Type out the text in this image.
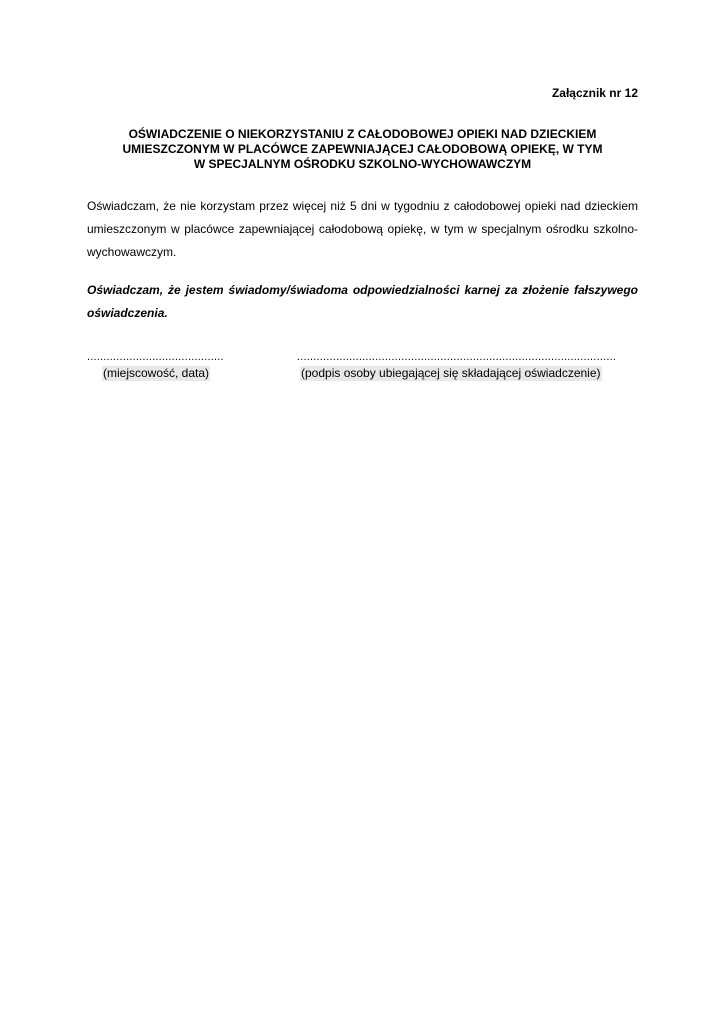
Załącznik nr 12
OŚWIADCZENIE O NIEKORZYSTANIU Z CAŁODOBOWEJ OPIEKI NAD DZIECKIEM
UMIESZCZONYM W PLACÓWCE ZAPEWNIAJĄCEJ CAŁODOBOWĄ OPIEKĘ, W TYM
W SPECJALNYM OŚRODKU SZKOLNO-WYCHOWAWCZYM
Oświadczam, że nie korzystam przez więcej niż 5 dni w tygodniu z całodobowej opieki nad dzieckiem
umieszczonym w placówce zapewniającej całodobową opiekę, w tym w specjalnym ośrodku szkolno-
wychowawczym.
Oświadczam, że jestem świadomy/świadoma odpowiedzialności karnej za złożenie fałszywego
oświadczenia.
..........................................	..................................................................................................
(miejscowość, data)	(podpis osoby ubiegającej się składającej oświadczenie)
